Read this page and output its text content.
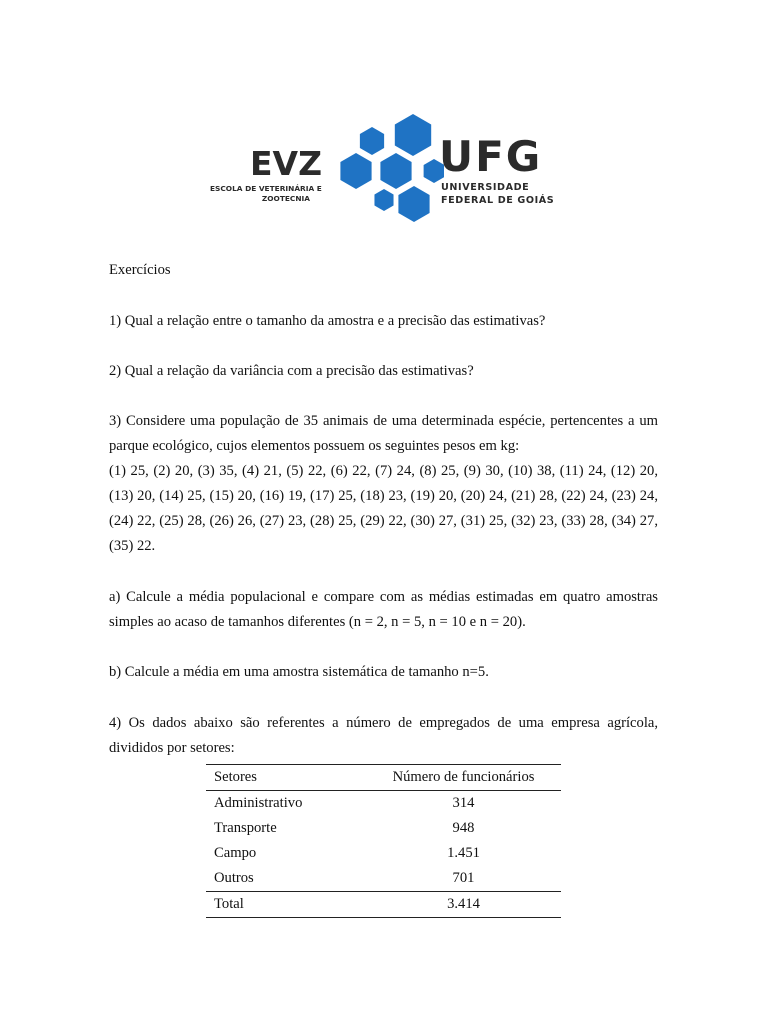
EVZ
ESCOLA DE VETERINÁRIA E
ZOOTECNIA
UFG
UNIVERSIDADE
FEDERAL DE GOIÁS
Exercícios
1) Qual a relação entre o tamanho da amostra e a precisão das estimativas?
2) Qual a relação da variância com a precisão das estimativas?
3) Considere uma população de 35 animais de uma determinada espécie, pertencentes a um parque ecológico, cujos elementos possuem os seguintes pesos em kg:
(1) 25, (2) 20, (3) 35, (4) 21, (5) 22, (6) 22, (7) 24, (8) 25, (9) 30, (10) 38, (11) 24, (12) 20, (13) 20, (14) 25, (15) 20, (16) 19, (17) 25, (18) 23, (19) 20, (20) 24, (21) 28, (22) 24, (23) 24, (24) 22, (25) 28, (26) 26, (27) 23, (28) 25, (29) 22, (30) 27, (31) 25, (32) 23, (33) 28, (34) 27, (35) 22.
a) Calcule a média populacional e compare com as médias estimadas em quatro amostras simples ao acaso de tamanhos diferentes (n = 2, n = 5, n = 10 e n = 20).
b) Calcule a média em uma amostra sistemática de tamanho n=5.
4) Os dados abaixo são referentes a número de empregados de uma empresa agrícola, divididos por setores:
Setores	Número de funcionários
Administrativo	314
Transporte	948
Campo	1.451
Outros	701
Total	3.414
